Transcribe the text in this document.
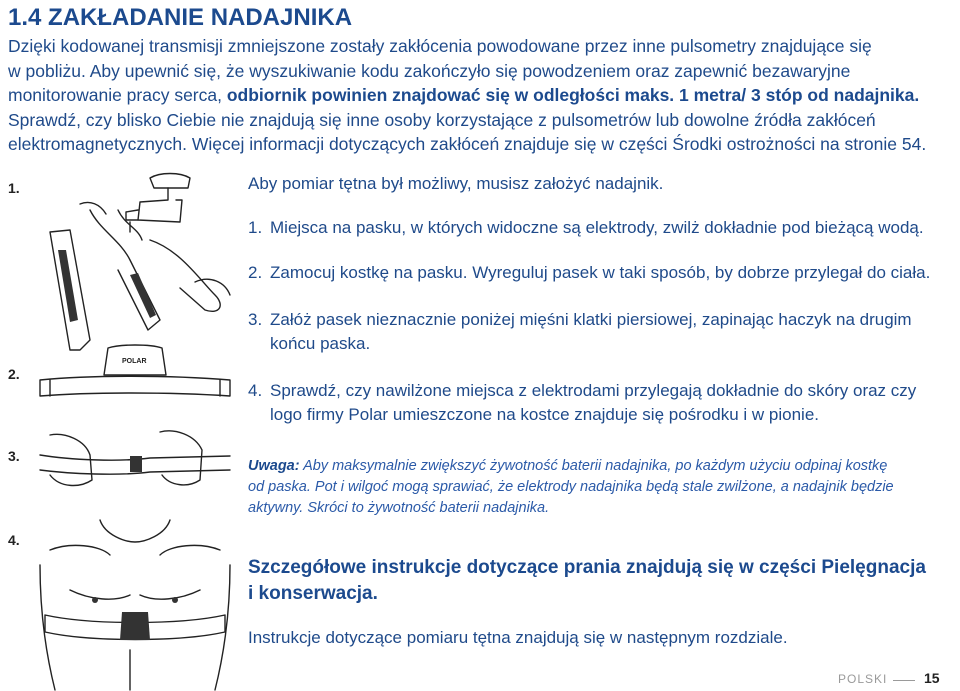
1.4 ZAKŁADANIE NADAJNIKA

Dzięki kodowanej transmisji zmniejszone zostały zakłócenia powodowane przez inne pulsometry znajdujące się

w pobliżu. Aby upewnić się, że wyszukiwanie kodu zakończyło się powodzeniem oraz zapewnić bezawaryjne

monitorowanie pracy serca, odbiornik powinien znajdować się w odległości maks. 1 metra/ 3 stóp od nadajnika.

Sprawdź, czy blisko Ciebie nie znajdują się inne osoby korzystające z pulsometrów lub dowolne źródła zakłóceń

elektromagnetycznych. Więcej informacji dotyczących zakłóceń znajduje się w części Środki ostrożności na stronie 54.

1.
2.
3.
4.
POLAR
Aby pomiar tętna był możliwy, musisz założyć nadajnik.
1. Miejsca na pasku, w których widoczne są elektrody, zwilż dokładnie pod bieżącą wodą.
2. Zamocuj kostkę na pasku. Wyreguluj pasek w taki sposób, by dobrze przylegał do ciała.

3. Załóż pasek nieznacznie poniżej mięśni klatki piersiowej, zapinając haczyk na drugim

końcu paska.

4. Sprawdź, czy nawilżone miejsca z elektrodami przylegają dokładnie do skóry oraz czy

logo firmy Polar umieszczone na kostce znajduje się pośrodku i w pionie.

Uwaga: Aby maksymalnie zwiększyć żywotność baterii nadajnika, po każdym użyciu odpinaj kostkę
od paska. Pot i wilgoć mogą sprawiać, że elektrody nadajnika będą stale zwilżone, a nadajnik będzie
aktywny. Skróci to żywotność baterii nadajnika.
Szczegółowe instrukcje dotyczące prania znajdują się w części Pielęgnacja
i konserwacja.
Instrukcje dotyczące pomiaru tętna znajdują się w następnym rozdziale.
POLSKI	15
